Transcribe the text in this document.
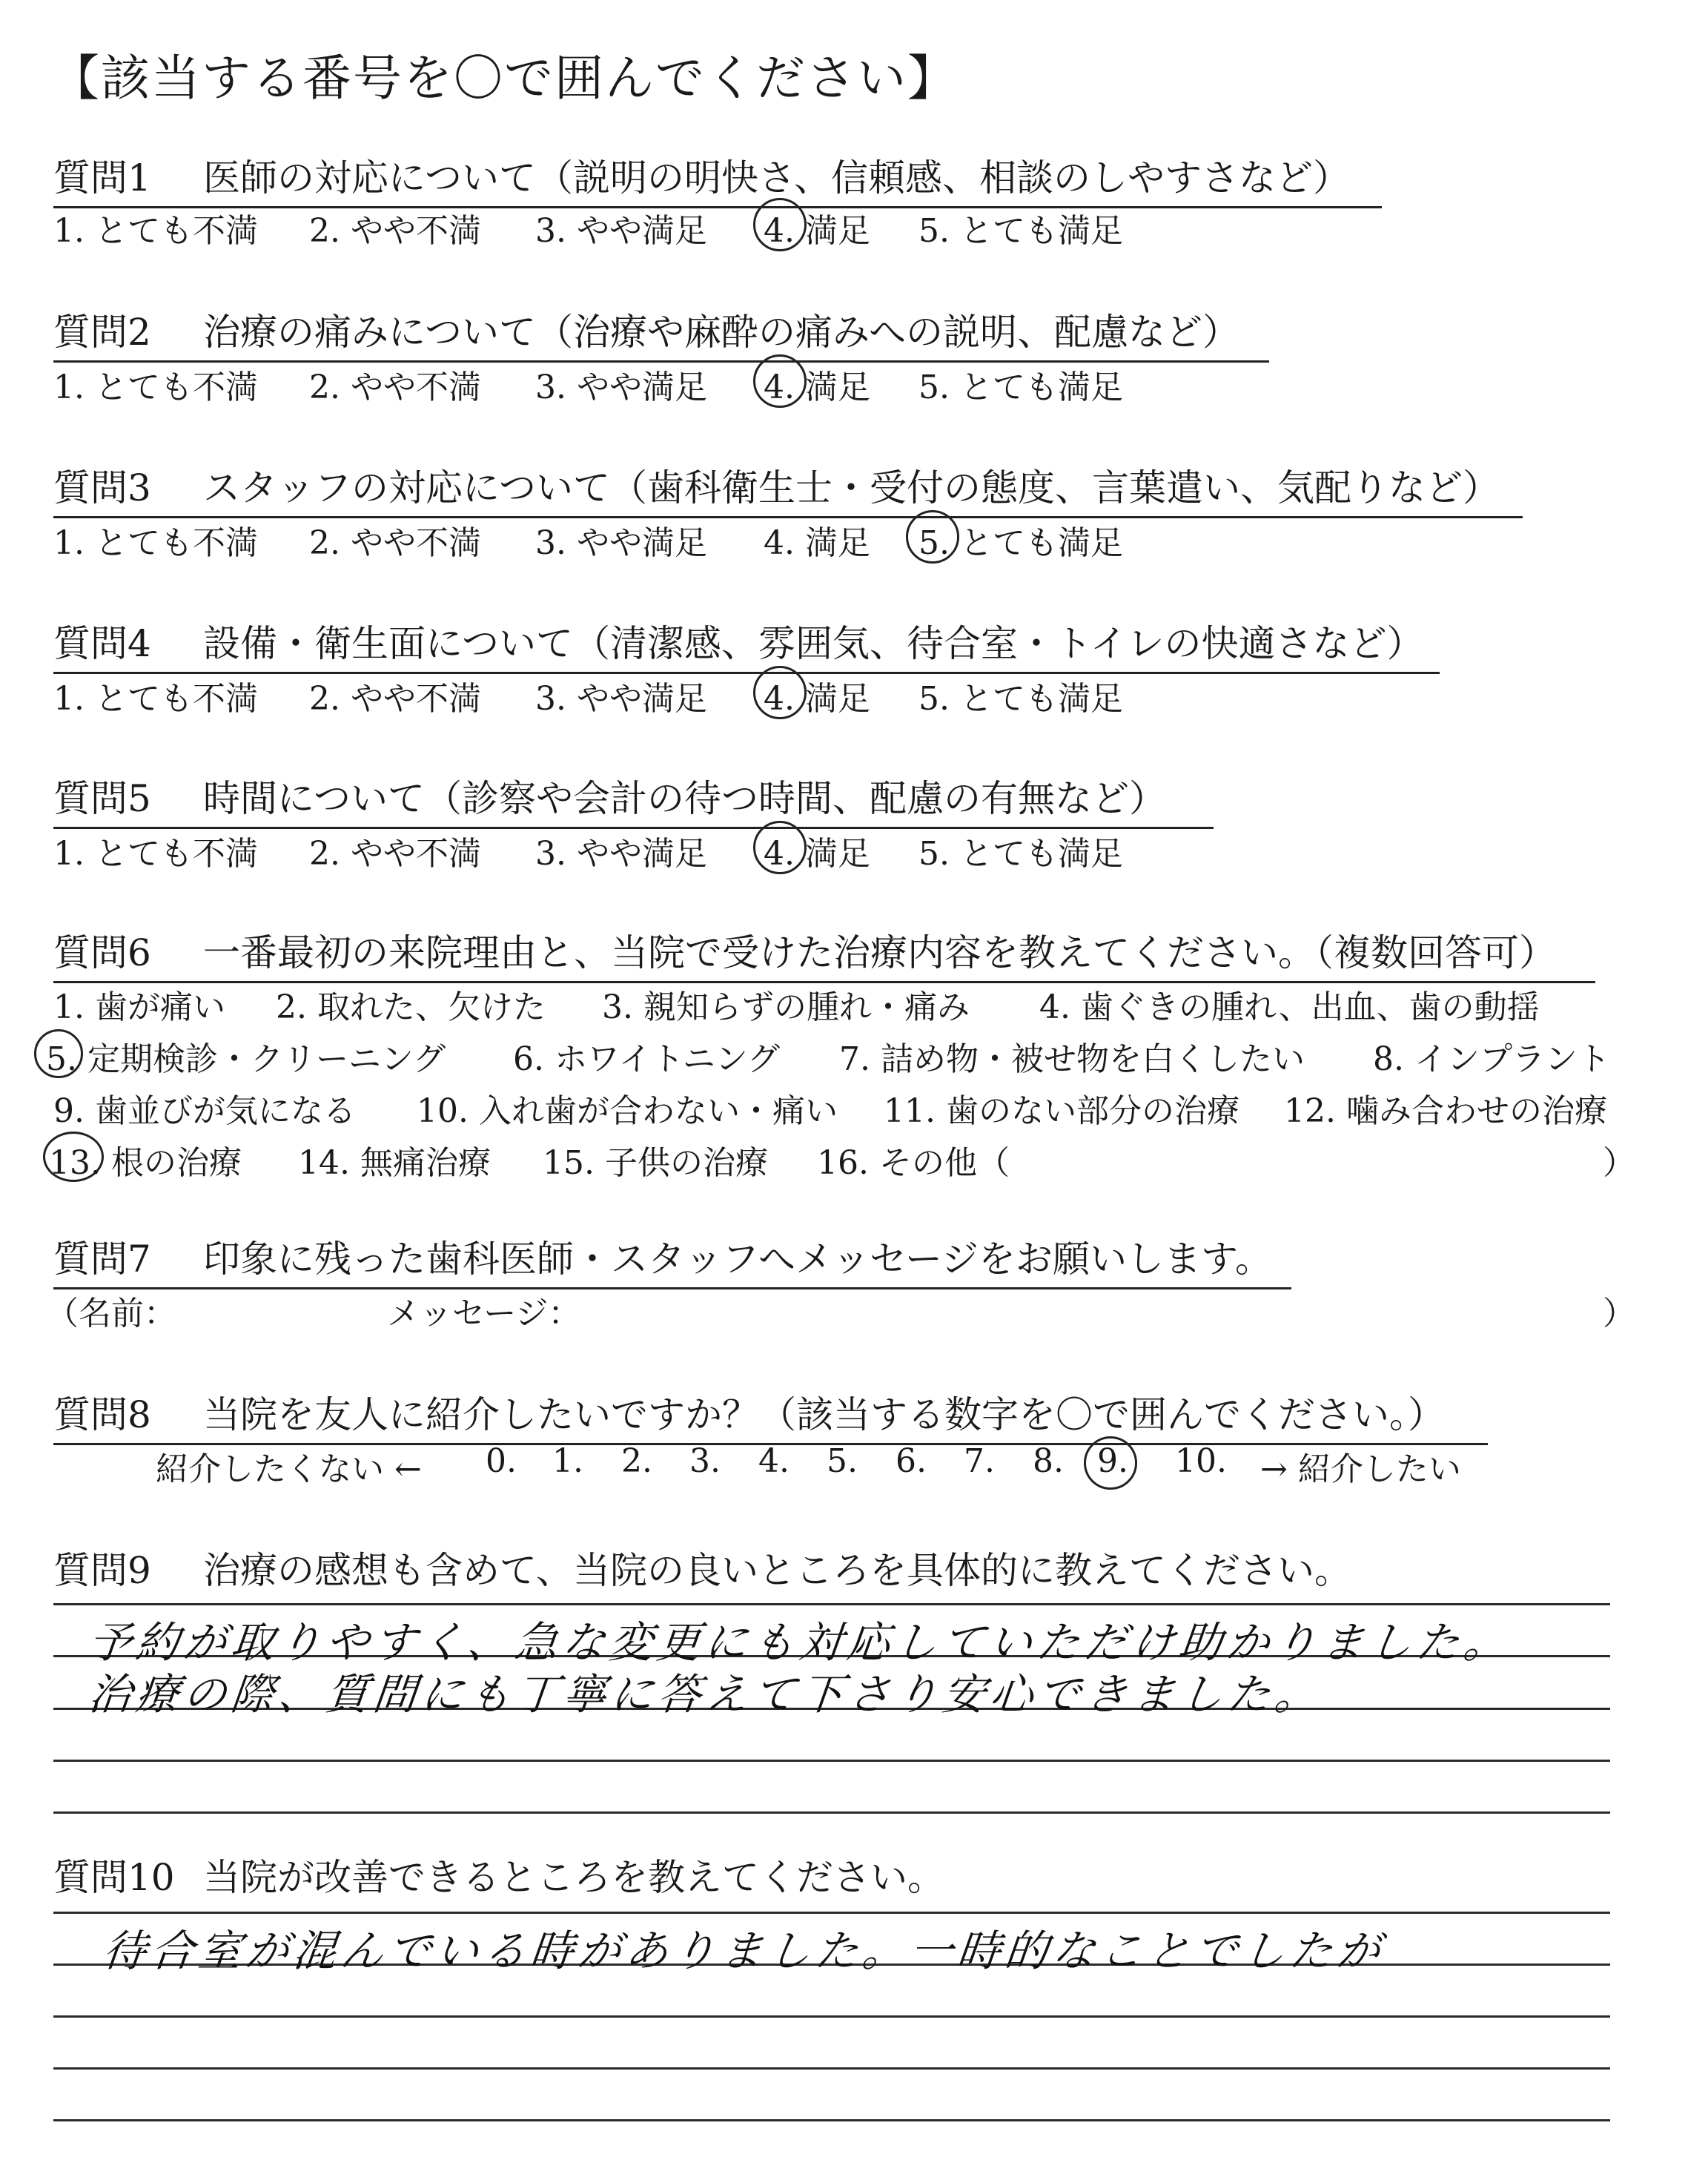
【該当する番号を〇で囲んでください】
質問1 医師の対応について（説明の明快さ、信頼感、相談のしやすさなど）
1. とても不満 2. やや不満 3. やや満足 4. 満足 5. とても満足
質問2 治療の痛みについて（治療や麻酔の痛みへの説明、配慮など）
1. とても不満 2. やや不満 3. やや満足 4. 満足 5. とても満足
質問3 スタッフの対応について（歯科衛生士・受付の態度、言葉遣い、気配りなど）
1. とても不満 2. やや不満 3. やや満足 4. 満足 5. とても満足
質問4 設備・衛生面について（清潔感、雰囲気、待合室・トイレの快適さなど）
1. とても不満 2. やや不満 3. やや満足 4. 満足 5. とても満足
質問5 時間について（診察や会計の待つ時間、配慮の有無など）
1. とても不満 2. やや不満 3. やや満足 4. 満足 5. とても満足
質問6 一番最初の来院理由と、当院で受けた治療内容を教えてください。（複数回答可）
1. 歯が痛い 2. 取れた、欠けた 3. 親知らずの腫れ・痛み 4. 歯ぐきの腫れ、出血、歯の動揺
5. 定期検診・クリーニング 6. ホワイトニング 7. 詰め物・被せ物を白くしたい 8. インプラント
9. 歯並びが気になる 10. 入れ歯が合わない・痛い 11. 歯のない部分の治療 12. 噛み合わせの治療
13. 根の治療 14. 無痛治療 15. 子供の治療 16. その他（	）
質問7 印象に残った歯科医師・スタッフへメッセージをお願いします。
（名前：	メッセージ：	）
質問8 当院を友人に紹介したいですか？（該当する数字を〇で囲んでください。）
紹介したくない ← 0. 1. 2. 3. 4. 5. 6. 7. 8. 9. 10. → 紹介したい
質問9 治療の感想も含めて、当院の良いところを具体的に教えてください。
予約が取りやすく、急な変更にも対応していただけ助かりました。
治療の際、質問にも丁寧に答えて下さり安心できました。
質問10 当院が改善できるところを教えてください。
待合室が混んでいる時がありました。一時的なことでしたが
